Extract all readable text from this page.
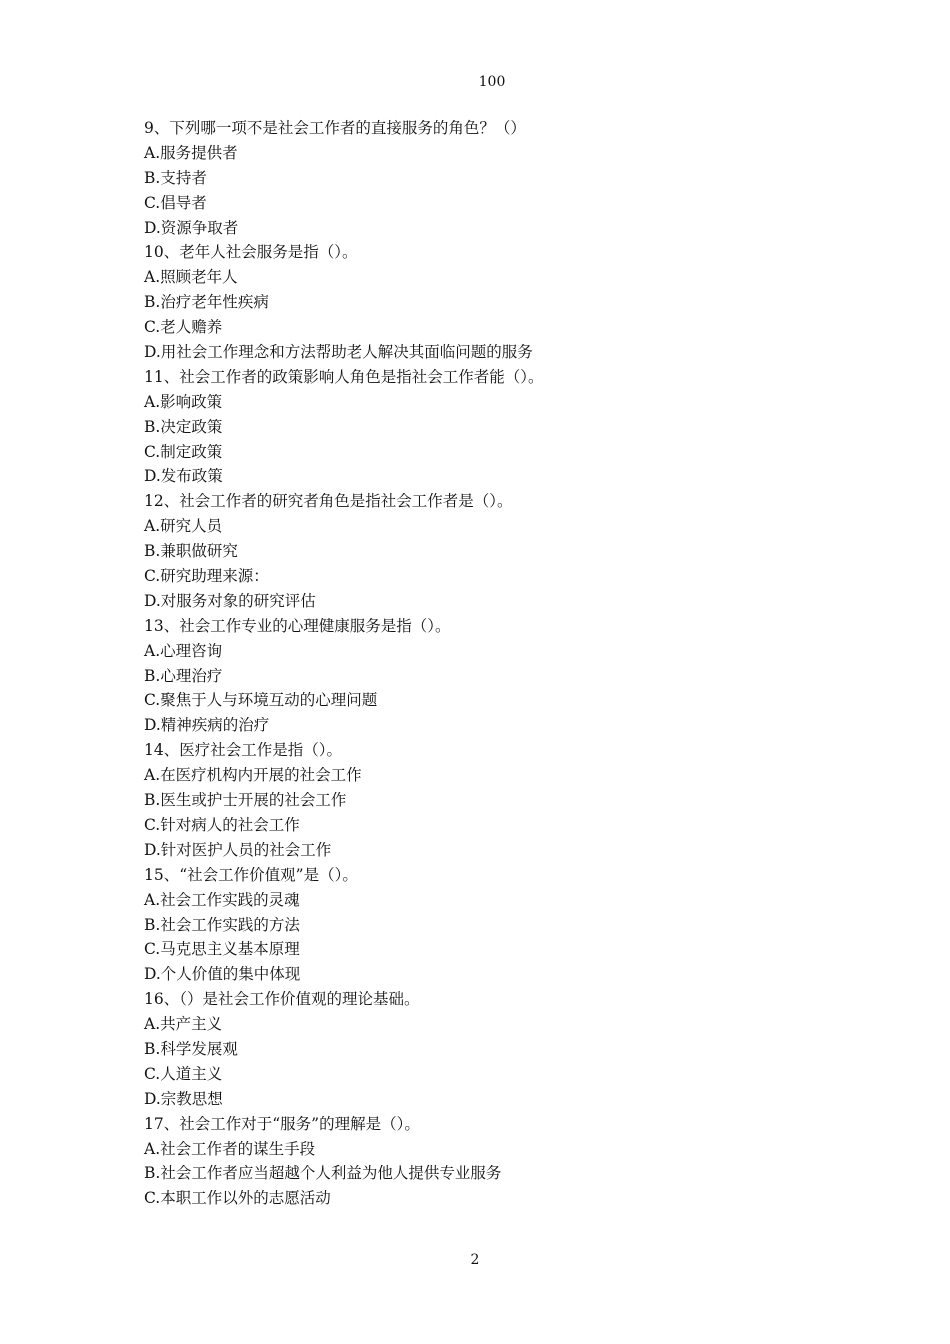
100
9、下列哪一项不是社会工作者的直接服务的角色？（）
A.服务提供者
B.支持者
C.倡导者
D.资源争取者
10、老年人社会服务是指（）。
A.照顾老年人
B.治疗老年性疾病
C.老人赡养
D.用社会工作理念和方法帮助老人解决其面临问题的服务
11、社会工作者的政策影响人角色是指社会工作者能（）。
A.影响政策
B.决定政策
C.制定政策
D.发布政策
12、社会工作者的研究者角色是指社会工作者是（）。
A.研究人员
B.兼职做研究
C.研究助理来源：
D.对服务对象的研究评估
13、社会工作专业的心理健康服务是指（）。
A.心理咨询
B.心理治疗
C.聚焦于人与环境互动的心理问题
D.精神疾病的治疗
14、医疗社会工作是指（）。
A.在医疗机构内开展的社会工作
B.医生或护士开展的社会工作
C.针对病人的社会工作
D.针对医护人员的社会工作
15、“社会工作价值观”是（）。
A.社会工作实践的灵魂
B.社会工作实践的方法
C.马克思主义基本原理
D.个人价值的集中体现
16、（）是社会工作价值观的理论基础。
A.共产主义
B.科学发展观
C.人道主义
D.宗教思想
17、社会工作对于“服务”的理解是（）。
A.社会工作者的谋生手段
B.社会工作者应当超越个人利益为他人提供专业服务
C.本职工作以外的志愿活动
2
